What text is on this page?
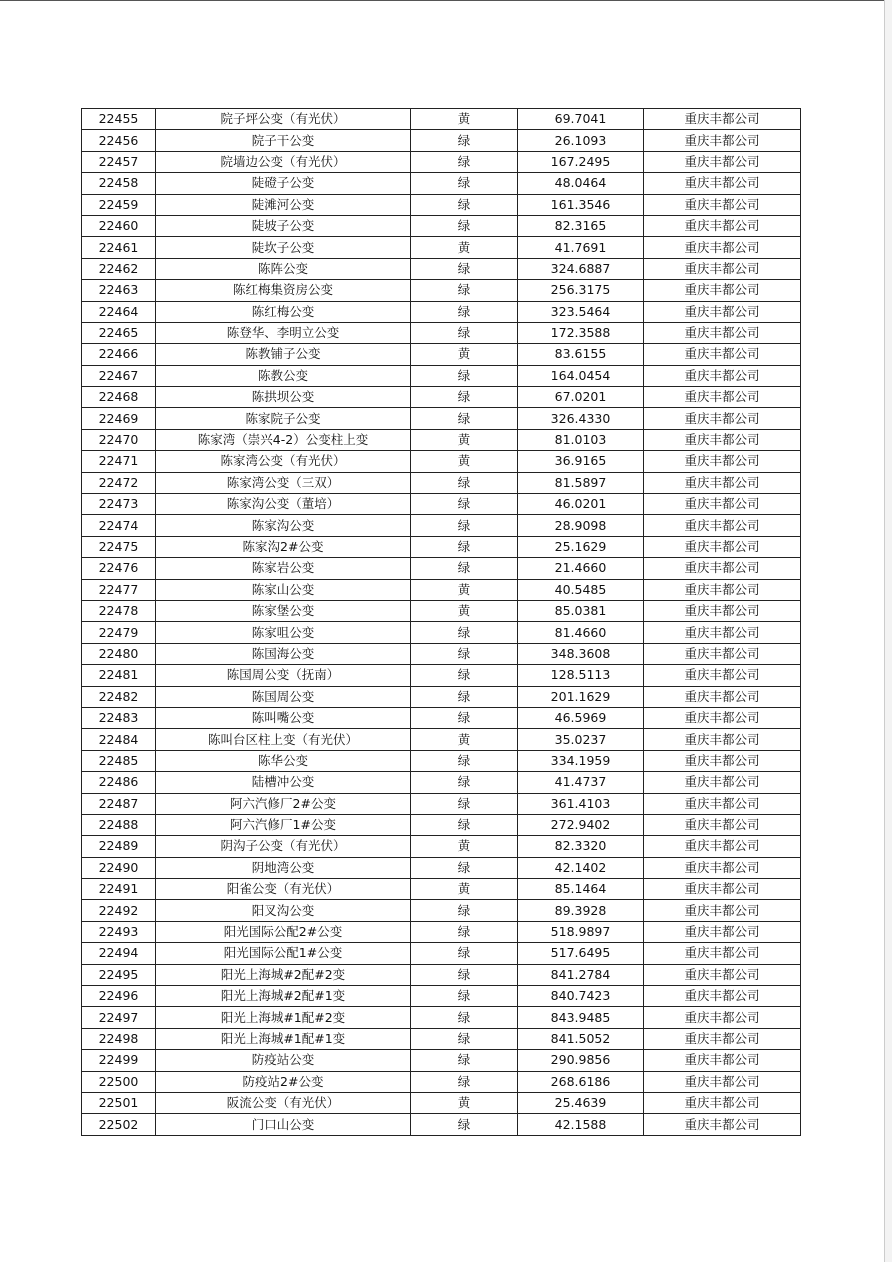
22455	院子坪公变（有光伏）	黄	69.7041	重庆丰都公司
22456	院子干公变	绿	26.1093	重庆丰都公司
22457	院墙边公变（有光伏）	绿	167.2495	重庆丰都公司
22458	陡磴子公变	绿	48.0464	重庆丰都公司
22459	陡滩河公变	绿	161.3546	重庆丰都公司
22460	陡坡子公变	绿	82.3165	重庆丰都公司
22461	陡坎子公变	黄	41.7691	重庆丰都公司
22462	陈阵公变	绿	324.6887	重庆丰都公司
22463	陈红梅集资房公变	绿	256.3175	重庆丰都公司
22464	陈红梅公变	绿	323.5464	重庆丰都公司
22465	陈登华、李明立公变	绿	172.3588	重庆丰都公司
22466	陈教铺子公变	黄	83.6155	重庆丰都公司
22467	陈教公变	绿	164.0454	重庆丰都公司
22468	陈拱坝公变	绿	67.0201	重庆丰都公司
22469	陈家院子公变	绿	326.4330	重庆丰都公司
22470	陈家湾（崇兴4-2）公变柱上变	黄	81.0103	重庆丰都公司
22471	陈家湾公变（有光伏）	黄	36.9165	重庆丰都公司
22472	陈家湾公变（三双）	绿	81.5897	重庆丰都公司
22473	陈家沟公变（董培）	绿	46.0201	重庆丰都公司
22474	陈家沟公变	绿	28.9098	重庆丰都公司
22475	陈家沟2#公变	绿	25.1629	重庆丰都公司
22476	陈家岩公变	绿	21.4660	重庆丰都公司
22477	陈家山公变	黄	40.5485	重庆丰都公司
22478	陈家堡公变	黄	85.0381	重庆丰都公司
22479	陈家咀公变	绿	81.4660	重庆丰都公司
22480	陈国海公变	绿	348.3608	重庆丰都公司
22481	陈国周公变（抚南）	绿	128.5113	重庆丰都公司
22482	陈国周公变	绿	201.1629	重庆丰都公司
22483	陈叫嘴公变	绿	46.5969	重庆丰都公司
22484	陈叫台区柱上变（有光伏）	黄	35.0237	重庆丰都公司
22485	陈华公变	绿	334.1959	重庆丰都公司
22486	陆槽冲公变	绿	41.4737	重庆丰都公司
22487	阿六汽修厂2#公变	绿	361.4103	重庆丰都公司
22488	阿六汽修厂1#公变	绿	272.9402	重庆丰都公司
22489	阴沟子公变（有光伏）	黄	82.3320	重庆丰都公司
22490	阴地湾公变	绿	42.1402	重庆丰都公司
22491	阳雀公变（有光伏）	黄	85.1464	重庆丰都公司
22492	阳叉沟公变	绿	89.3928	重庆丰都公司
22493	阳光国际公配2#公变	绿	518.9897	重庆丰都公司
22494	阳光国际公配1#公变	绿	517.6495	重庆丰都公司
22495	阳光上海城#2配#2变	绿	841.2784	重庆丰都公司
22496	阳光上海城#2配#1变	绿	840.7423	重庆丰都公司
22497	阳光上海城#1配#2变	绿	843.9485	重庆丰都公司
22498	阳光上海城#1配#1变	绿	841.5052	重庆丰都公司
22499	防疫站公变	绿	290.9856	重庆丰都公司
22500	防疫站2#公变	绿	268.6186	重庆丰都公司
22501	阪流公变（有光伏）	黄	25.4639	重庆丰都公司
22502	门口山公变	绿	42.1588	重庆丰都公司
